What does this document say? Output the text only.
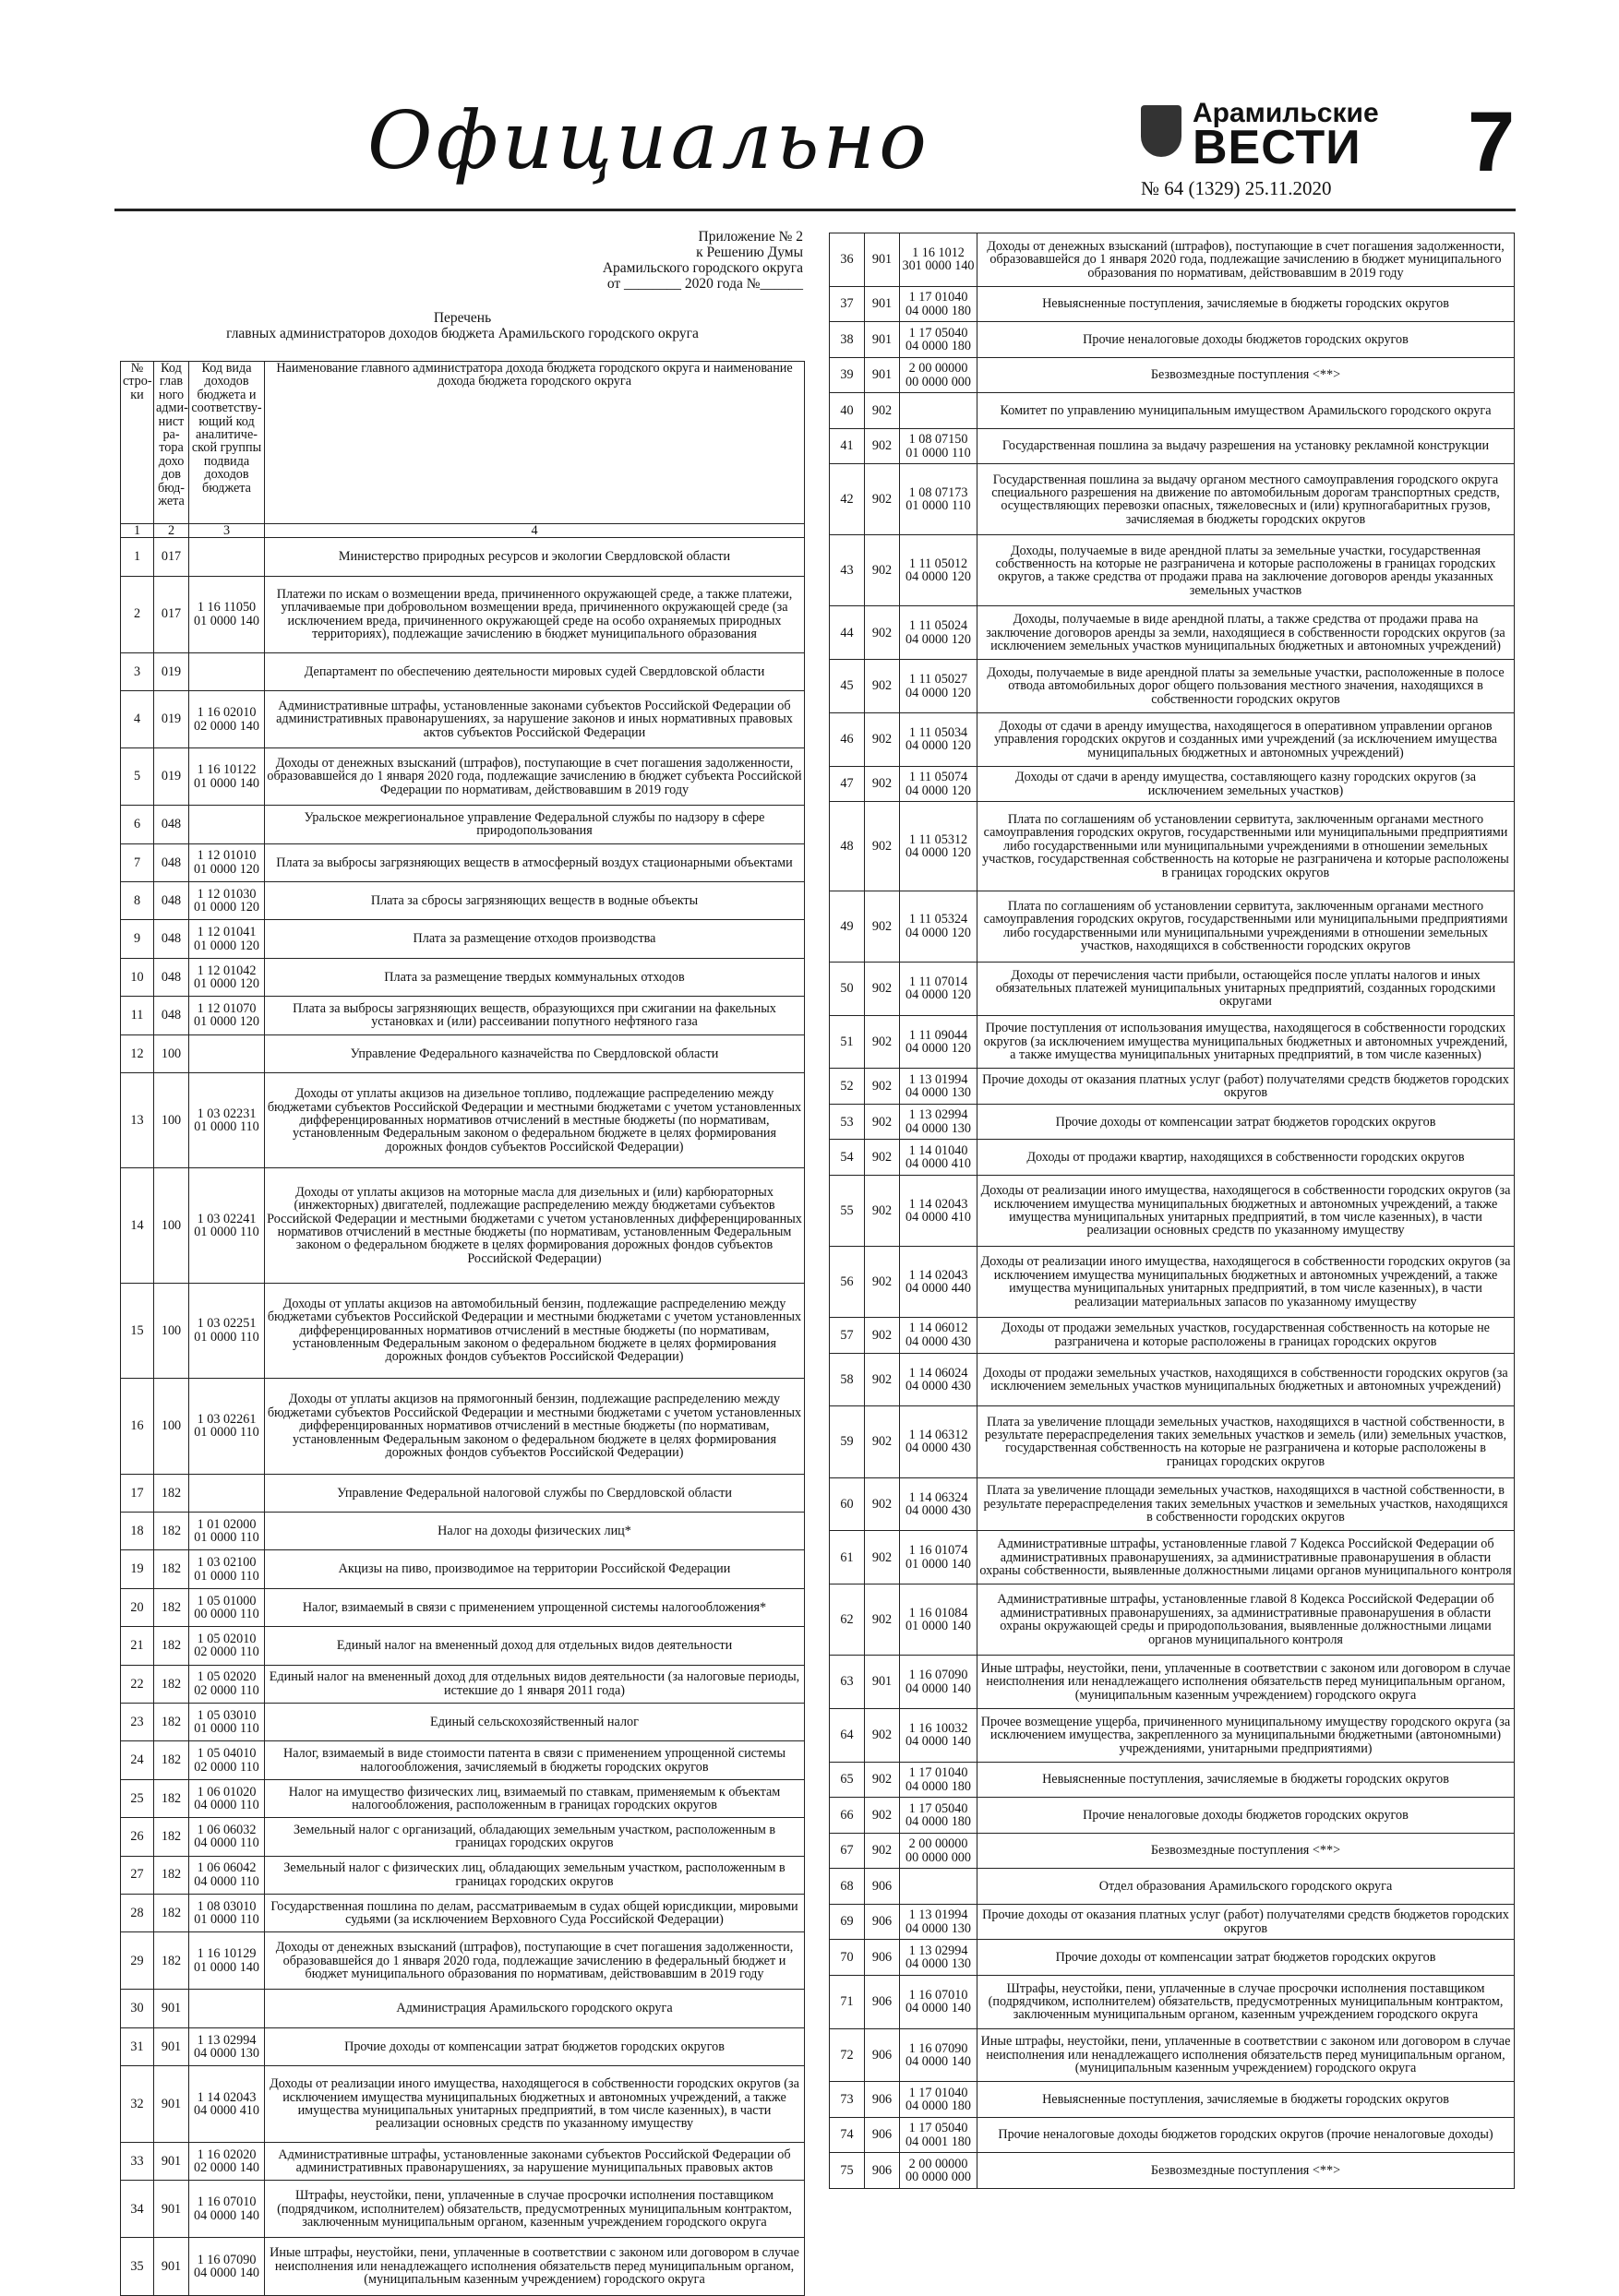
Официально	Арамильские
ВЕСТИ
№ 64 (1329) 25.11.2020 7
Приложение № 2
к Решению Думы
Арамильского городского округа
от ________ 2020 года №______
Перечень
главных администраторов доходов бюджета Арамильского городского округа
№ стро-ки	Код глав ного адми-нист ра-тора дохо дов бюд-жета	Код вида доходов бюджета и соответству-ющий код аналитиче-ской группы подвида доходов бюджета	Наименование главного администратора дохода бюджета городского округа и наименование дохода бюджета городского округа
1	2	3	4
1	017		Министерство природных ресурсов и экологии Свердловской области
2	017	1 16 11050 01 0000 140	Платежи по искам о возмещении вреда, причиненного окружающей среде, а также платежи, уплачиваемые при добровольном возмещении вреда, причиненного окружающей среде (за исключением вреда, причиненного окружающей среде на особо охраняемых природных территориях), подлежащие зачислению в бюджет муниципального образования
3	019		Департамент по обеспечению деятельности мировых судей Свердловской области
4	019	1 16 02010 02 0000 140	Административные штрафы, установленные законами субъектов Российской Федерации об административных правонарушениях, за нарушение законов и иных нормативных правовых актов субъектов Российской Федерации
5	019	1 16 10122 01 0000 140	Доходы от денежных взысканий (штрафов), поступающие в счет погашения задолженности, образовавшейся до 1 января 2020 года, подлежащие зачислению в бюджет субъекта Российской Федерации по нормативам, действовавшим в 2019 году
6	048		Уральское межрегиональное управление Федеральной службы по надзору в сфере природопользования
7	048	1 12 01010 01 0000 120	Плата за выбросы загрязняющих веществ в атмосферный воздух стационарными объектами
8	048	1 12 01030 01 0000 120	Плата за сбросы загрязняющих веществ в водные объекты
9	048	1 12 01041 01 0000 120	Плата за размещение отходов производства
10	048	1 12 01042 01 0000 120	Плата за размещение твердых коммунальных отходов
11	048	1 12 01070 01 0000 120	Плата за выбросы загрязняющих веществ, образующихся при сжигании на факельных установках и (или) рассеивании попутного нефтяного газа
12	100		Управление Федерального казначейства по Свердловской области
13	100	1 03 02231 01 0000 110	Доходы от уплаты акцизов на дизельное топливо, подлежащие распределению между бюджетами субъектов Российской Федерации и местными бюджетами с учетом установленных дифференцированных нормативов отчислений в местные бюджеты (по нормативам, установленным Федеральным законом о федеральном бюджете в целях формирования дорожных фондов субъектов Российской Федерации)
14	100	1 03 02241 01 0000 110	Доходы от уплаты акцизов на моторные масла для дизельных и (или) карбюраторных (инжекторных) двигателей, подлежащие распределению между бюджетами субъектов Российской Федерации и местными бюджетами с учетом установленных дифференцированных нормативов отчислений в местные бюджеты (по нормативам, установленным Федеральным законом о федеральном бюджете в целях формирования дорожных фондов субъектов Российской Федерации)
15	100	1 03 02251 01 0000 110	Доходы от уплаты акцизов на автомобильный бензин, подлежащие распределению между бюджетами субъектов Российской Федерации и местными бюджетами с учетом установленных дифференцированных нормативов отчислений в местные бюджеты (по нормативам, установленным Федеральным законом о федеральном бюджете в целях формирования дорожных фондов субъектов Российской Федерации)
16	100	1 03 02261 01 0000 110	Доходы от уплаты акцизов на прямогонный бензин, подлежащие распределению между бюджетами субъектов Российской Федерации и местными бюджетами с учетом установленных дифференцированных нормативов отчислений в местные бюджеты (по нормативам, установленным Федеральным законом о федеральном бюджете в целях формирования дорожных фондов субъектов Российской Федерации)
17	182		Управление Федеральной налоговой службы по Свердловской области
18	182	1 01 02000 01 0000 110	Налог на доходы физических лиц*
19	182	1 03 02100 01 0000 110	Акцизы на пиво, производимое на территории Российской Федерации
20	182	1 05 01000 00 0000 110	Налог, взимаемый в связи с применением упрощенной системы налогообложения*
21	182	1 05 02010 02 0000 110	Единый налог на вмененный доход для отдельных видов деятельности
22	182	1 05 02020 02 0000 110	Единый налог на вмененный доход для отдельных видов деятельности (за налоговые периоды, истекшие до 1 января 2011 года)
23	182	1 05 03010 01 0000 110	Единый сельскохозяйственный налог
24	182	1 05 04010 02 0000 110	Налог, взимаемый в виде стоимости патента в связи с применением упрощенной системы налогообложения, зачисляемый в бюджеты городских округов
25	182	1 06 01020 04 0000 110	Налог на имущество физических лиц, взимаемый по ставкам, применяемым к объектам налогообложения, расположенным в границах городских округов
26	182	1 06 06032 04 0000 110	Земельный налог с организаций, обладающих земельным участком, расположенным в границах городских округов
27	182	1 06 06042 04 0000 110	Земельный налог с физических лиц, обладающих земельным участком, расположенным в границах городских округов
28	182	1 08 03010 01 0000 110	Государственная пошлина по делам, рассматриваемым в судах общей юрисдикции, мировыми судьями (за исключением Верховного Суда Российской Федерации)
29	182	1 16 10129 01 0000 140	Доходы от денежных взысканий (штрафов), поступающие в счет погашения задолженности, образовавшейся до 1 января 2020 года, подлежащие зачислению в федеральный бюджет и бюджет муниципального образования по нормативам, действовавшим в 2019 году
30	901		Администрация Арамильского городского округа
31	901	1 13 02994 04 0000 130	Прочие доходы от компенсации затрат бюджетов городских округов
32	901	1 14 02043 04 0000 410	Доходы от реализации иного имущества, находящегося в собственности городских округов (за исключением имущества муниципальных бюджетных и автономных учреждений, а также имущества муниципальных унитарных предприятий, в том числе казенных), в части реализации основных средств по указанному имуществу
33	901	1 16 02020 02 0000 140	Административные штрафы, установленные законами субъектов Российской Федерации об административных правонарушениях, за нарушение муниципальных правовых актов
34	901	1 16 07010 04 0000 140	Штрафы, неустойки, пени, уплаченные в случае просрочки исполнения поставщиком (подрядчиком, исполнителем) обязательств, предусмотренных муниципальным контрактом, заключенным муниципальным органом, казенным учреждением городского округа
35	901	1 16 07090 04 0000 140	Иные штрафы, неустойки, пени, уплаченные в соответствии с законом или договором в случае неисполнения или ненадлежащего исполнения обязательств перед муниципальным органом, (муниципальным казенным учреждением) городского округа
36	901	1 16 1012 301 0000 140	Доходы от денежных взысканий (штрафов), поступающие в счет погашения задолженности, образовавшейся до 1 января 2020 года, подлежащие зачислению в бюджет муниципального образования по нормативам, действовавшим в 2019 году
37	901	1 17 01040 04 0000 180	Невыясненные поступления, зачисляемые в бюджеты городских округов
38	901	1 17 05040 04 0000 180	Прочие неналоговые доходы бюджетов городских округов
39	901	2 00 00000 00 0000 000	Безвозмездные поступления <**>
40	902		Комитет по управлению муниципальным имуществом Арамильского городского округа
41	902	1 08 07150 01 0000 110	Государственная пошлина за выдачу разрешения на установку рекламной конструкции
42	902	1 08 07173 01 0000 110	Государственная пошлина за выдачу органом местного самоуправления городского округа специального разрешения на движение по автомобильным дорогам транспортных средств, осуществляющих перевозки опасных, тяжеловесных и (или) крупногабаритных грузов, зачисляемая в бюджеты городских округов
43	902	1 11 05012 04 0000 120	Доходы, получаемые в виде арендной платы за земельные участки, государственная собственность на которые не разграничена и которые расположены в границах городских округов, а также средства от продажи права на заключение договоров аренды указанных земельных участков
44	902	1 11 05024 04 0000 120	Доходы, получаемые в виде арендной платы, а также средства от продажи права на заключение договоров аренды за земли, находящиеся в собственности городских округов (за исключением земельных участков муниципальных бюджетных и автономных учреждений)
45	902	1 11 05027 04 0000 120	Доходы, получаемые в виде арендной платы за земельные участки, расположенные в полосе отвода автомобильных дорог общего пользования местного значения, находящихся в собственности городских округов
46	902	1 11 05034 04 0000 120	Доходы от сдачи в аренду имущества, находящегося в оперативном управлении органов управления городских округов и созданных ими учреждений (за исключением имущества муниципальных бюджетных и автономных учреждений)
47	902	1 11 05074 04 0000 120	Доходы от сдачи в аренду имущества, составляющего казну городских округов (за исключением земельных участков)
48	902	1 11 05312 04 0000 120	Плата по соглашениям об установлении сервитута, заключенным органами местного самоуправления городских округов, государственными или муниципальными предприятиями либо государственными или муниципальными учреждениями в отношении земельных участков, государственная собственность на которые не разграничена и которые расположены в границах городских округов
49	902	1 11 05324 04 0000 120	Плата по соглашениям об установлении сервитута, заключенным органами местного самоуправления городских округов, государственными или муниципальными предприятиями либо государственными или муниципальными учреждениями в отношении земельных участков, находящихся в собственности городских округов
50	902	1 11 07014 04 0000 120	Доходы от перечисления части прибыли, остающейся после уплаты налогов и иных обязательных платежей муниципальных унитарных предприятий, созданных городскими округами
51	902	1 11 09044 04 0000 120	Прочие поступления от использования имущества, находящегося в собственности городских округов (за исключением имущества муниципальных бюджетных и автономных учреждений, а также имущества муниципальных унитарных предприятий, в том числе казенных)
52	902	1 13 01994 04 0000 130	Прочие доходы от оказания платных услуг (работ) получателями средств бюджетов городских округов
53	902	1 13 02994 04 0000 130	Прочие доходы от компенсации затрат бюджетов городских округов
54	902	1 14 01040 04 0000 410	Доходы от продажи квартир, находящихся в собственности городских округов
55	902	1 14 02043 04 0000 410	Доходы от реализации иного имущества, находящегося в собственности городских округов (за исключением имущества муниципальных бюджетных и автономных учреждений, а также имущества муниципальных унитарных предприятий, в том числе казенных), в части реализации основных средств по указанному имуществу
56	902	1 14 02043 04 0000 440	Доходы от реализации иного имущества, находящегося в собственности городских округов (за исключением имущества муниципальных бюджетных и автономных учреждений, а также имущества муниципальных унитарных предприятий, в том числе казенных), в части реализации материальных запасов по указанному имуществу
57	902	1 14 06012 04 0000 430	Доходы от продажи земельных участков, государственная собственность на которые не разграничена и которые расположены в границах городских округов
58	902	1 14 06024 04 0000 430	Доходы от продажи земельных участков, находящихся в собственности городских округов (за исключением земельных участков муниципальных бюджетных и автономных учреждений)
59	902	1 14 06312 04 0000 430	Плата за увеличение площади земельных участков, находящихся в частной собственности, в результате перераспределения таких земельных участков и земель (или) земельных участков, государственная собственность на которые не разграничена и которые расположены в границах городских округов
60	902	1 14 06324 04 0000 430	Плата за увеличение площади земельных участков, находящихся в частной собственности, в результате перераспределения таких земельных участков и земельных участков, находящихся в собственности городских округов
61	902	1 16 01074 01 0000 140	Административные штрафы, установленные главой 7 Кодекса Российской Федерации об административных правонарушениях, за административные правонарушения в области охраны собственности, выявленные должностными лицами органов муниципального контроля
62	902	1 16 01084 01 0000 140	Административные штрафы, установленные главой 8 Кодекса Российской Федерации об административных правонарушениях, за административные правонарушения в области охраны окружающей среды и природопользования, выявленные должностными лицами органов муниципального контроля
63	901	1 16 07090 04 0000 140	Иные штрафы, неустойки, пени, уплаченные в соответствии с законом или договором в случае неисполнения или ненадлежащего исполнения обязательств перед муниципальным органом, (муниципальным казенным учреждением) городского округа
64	902	1 16 10032 04 0000 140	Прочее возмещение ущерба, причиненного муниципальному имуществу городского округа (за исключением имущества, закрепленного за муниципальными бюджетными (автономными) учреждениями, унитарными предприятиями)
65	902	1 17 01040 04 0000 180	Невыясненные поступления, зачисляемые в бюджеты городских округов
66	902	1 17 05040 04 0000 180	Прочие неналоговые доходы бюджетов городских округов
67	902	2 00 00000 00 0000 000	Безвозмездные поступления <**>
68	906		Отдел образования Арамильского городского округа
69	906	1 13 01994 04 0000 130	Прочие доходы от оказания платных услуг (работ) получателями средств бюджетов городских округов
70	906	1 13 02994 04 0000 130	Прочие доходы от компенсации затрат бюджетов городских округов
71	906	1 16 07010 04 0000 140	Штрафы, неустойки, пени, уплаченные в случае просрочки исполнения поставщиком (подрядчиком, исполнителем) обязательств, предусмотренных муниципальным контрактом, заключенным муниципальным органом, казенным учреждением городского округа
72	906	1 16 07090 04 0000 140	Иные штрафы, неустойки, пени, уплаченные в соответствии с законом или договором в случае неисполнения или ненадлежащего исполнения обязательств перед муниципальным органом, (муниципальным казенным учреждением) городского округа
73	906	1 17 01040 04 0000 180	Невыясненные поступления, зачисляемые в бюджеты городских округов
74	906	1 17 05040 04 0001 180	Прочие неналоговые доходы бюджетов городских округов (прочие неналоговые доходы)
75	906	2 00 00000 00 0000 000	Безвозмездные поступления <**>
